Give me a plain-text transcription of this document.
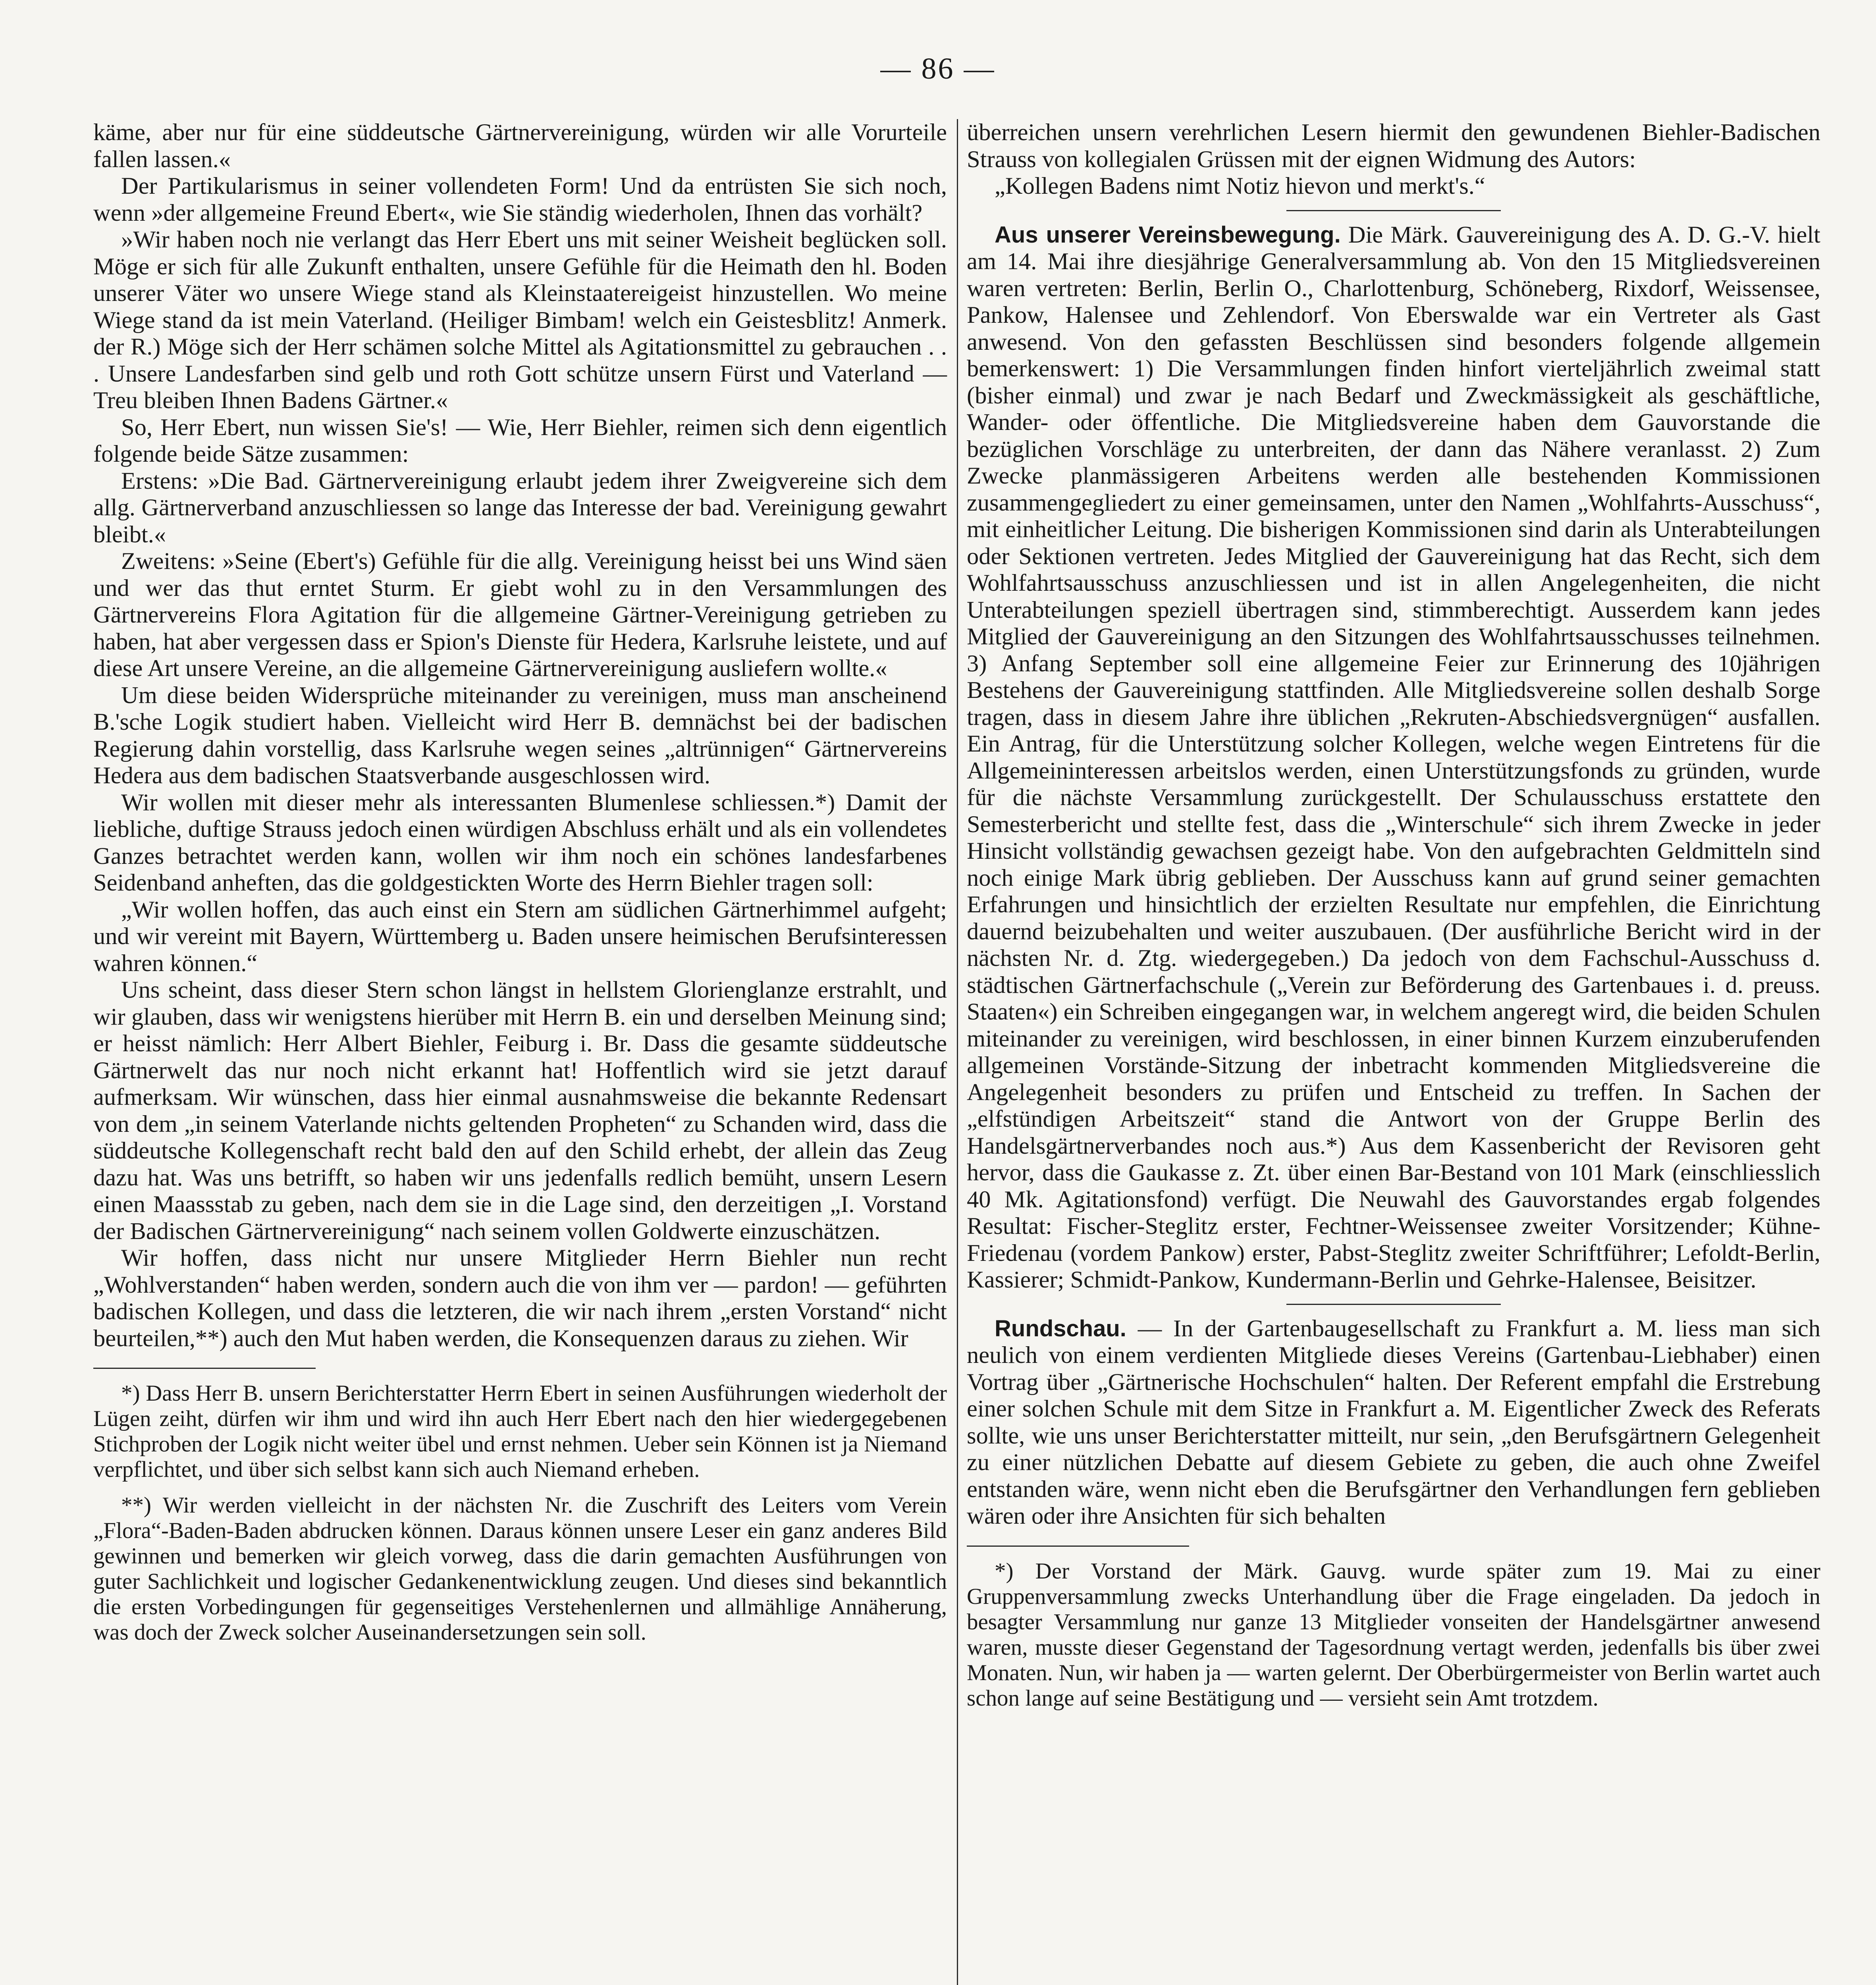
— 86 —

käme, aber nur für eine süddeutsche Gärtnervereinigung, würden wir alle Vorurteile fallen lassen.«

Der Partikularismus in seiner vollendeten Form! Und da entrüsten Sie sich noch, wenn »der allgemeine Freund Ebert«, wie Sie ständig wiederholen, Ihnen das vorhält?

»Wir haben noch nie verlangt das Herr Ebert uns mit seiner Weisheit beglücken soll. Möge er sich für alle Zukunft enthalten, unsere Gefühle für die Heimath den hl. Boden unserer Väter wo unsere Wiege stand als Kleinstaatereigeist hinzustellen. Wo meine Wiege stand da ist mein Vaterland. (Heiliger Bimbam! welch ein Geistesblitz! Anmerk. der R.) Möge sich der Herr schämen solche Mittel als Agitationsmittel zu gebrauchen . . . Unsere Landesfarben sind gelb und roth Gott schütze unsern Fürst und Vaterland — Treu bleiben Ihnen Badens Gärtner.«

So, Herr Ebert, nun wissen Sie's! — Wie, Herr Biehler, reimen sich denn eigentlich folgende beide Sätze zusammen:

Erstens: »Die Bad. Gärtnervereinigung erlaubt jedem ihrer Zweigvereine sich dem allg. Gärtnerverband anzuschliessen so lange das Interesse der bad. Vereinigung gewahrt bleibt.«

Zweitens: »Seine (Ebert's) Gefühle für die allg. Vereinigung heisst bei uns Wind säen und wer das thut erntet Sturm. Er giebt wohl zu in den Versammlungen des Gärtnervereins Flora Agitation für die allgemeine Gärtner-Vereinigung getrieben zu haben, hat aber vergessen dass er Spion's Dienste für Hedera, Karlsruhe leistete, und auf diese Art unsere Vereine, an die allgemeine Gärtnervereinigung ausliefern wollte.«

Um diese beiden Widersprüche miteinander zu vereinigen, muss man anscheinend B.'sche Logik studiert haben. Vielleicht wird Herr B. demnächst bei der badischen Regierung dahin vorstellig, dass Karlsruhe wegen seines „altrünnigen“ Gärtnervereins Hedera aus dem badischen Staatsverbande ausgeschlossen wird.

Wir wollen mit dieser mehr als interessanten Blumenlese schliessen.*) Damit der liebliche, duftige Strauss jedoch einen würdigen Abschluss erhält und als ein vollendetes Ganzes betrachtet werden kann, wollen wir ihm noch ein schönes landesfarbenes Seidenband anheften, das die goldgestickten Worte des Herrn Biehler tragen soll:

„Wir wollen hoffen, das auch einst ein Stern am südlichen Gärtnerhimmel aufgeht; und wir vereint mit Bayern, Württemberg u. Baden unsere heimischen Berufsinteressen wahren können.“

Uns scheint, dass dieser Stern schon längst in hellstem Glorienglanze erstrahlt, und wir glauben, dass wir wenigstens hierüber mit Herrn B. ein und derselben Meinung sind; er heisst nämlich: Herr Albert Biehler, Feiburg i. Br. Dass die gesamte süddeutsche Gärtnerwelt das nur noch nicht erkannt hat! Hoffentlich wird sie jetzt darauf aufmerksam. Wir wünschen, dass hier einmal ausnahmsweise die bekannte Redensart von dem „in seinem Vaterlande nichts geltenden Propheten“ zu Schanden wird, dass die süddeutsche Kollegenschaft recht bald den auf den Schild erhebt, der allein das Zeug dazu hat. Was uns betrifft, so haben wir uns jedenfalls redlich bemüht, unsern Lesern einen Maassstab zu geben, nach dem sie in die Lage sind, den derzeitigen „I. Vorstand der Badischen Gärtnervereinigung“ nach seinem vollen Goldwerte einzuschätzen.

Wir hoffen, dass nicht nur unsere Mitglieder Herrn Biehler nun recht „Wohlverstanden“ haben werden, sondern auch die von ihm ver — pardon! — geführten badischen Kollegen, und dass die letzteren, die wir nach ihrem „ersten Vorstand“ nicht beurteilen,**) auch den Mut haben werden, die Konsequenzen daraus zu ziehen. Wir

*) Dass Herr B. unsern Berichterstatter Herrn Ebert in seinen Ausführungen wiederholt der Lügen zeiht, dürfen wir ihm und wird ihn auch Herr Ebert nach den hier wiedergegebenen Stichproben der Logik nicht weiter übel und ernst nehmen. Ueber sein Können ist ja Niemand verpflichtet, und über sich selbst kann sich auch Niemand erheben.

**) Wir werden vielleicht in der nächsten Nr. die Zuschrift des Leiters vom Verein „Flora“-Baden-Baden abdrucken können. Daraus können unsere Leser ein ganz anderes Bild gewinnen und bemerken wir gleich vorweg, dass die darin gemachten Ausführungen von guter Sachlichkeit und logischer Gedankenentwicklung zeugen. Und dieses sind bekanntlich die ersten Vorbedingungen für gegenseitiges Verstehenlernen und allmählige Annäherung, was doch der Zweck solcher Auseinandersetzungen sein soll.

überreichen unsern verehrlichen Lesern hiermit den gewundenen Biehler-Badischen Strauss von kollegialen Grüssen mit der eignen Widmung des Autors:

„Kollegen Badens nimt Notiz hievon und merkt's.“

Aus unserer Vereinsbewegung. Die Märk. Gauvereinigung des A. D. G.-V. hielt am 14. Mai ihre diesjährige Generalversammlung ab. Von den 15 Mitgliedsvereinen waren vertreten: Berlin, Berlin O., Charlottenburg, Schöneberg, Rixdorf, Weissensee, Pankow, Halensee und Zehlendorf. Von Eberswalde war ein Vertreter als Gast anwesend. Von den gefassten Beschlüssen sind besonders folgende allgemein bemerkenswert: 1) Die Versammlungen finden hinfort vierteljährlich zweimal statt (bisher einmal) und zwar je nach Bedarf und Zweckmässigkeit als geschäftliche, Wander- oder öffentliche. Die Mitgliedsvereine haben dem Gauvorstande die bezüglichen Vorschläge zu unterbreiten, der dann das Nähere veranlasst. 2) Zum Zwecke planmässigeren Arbeitens werden alle bestehenden Kommissionen zusammengegliedert zu einer gemeinsamen, unter den Namen „Wohlfahrts-Ausschuss“, mit einheitlicher Leitung. Die bisherigen Kommissionen sind darin als Unterabteilungen oder Sektionen vertreten. Jedes Mitglied der Gauvereinigung hat das Recht, sich dem Wohlfahrtsausschuss anzuschliessen und ist in allen Angelegenheiten, die nicht Unterabteilungen speziell übertragen sind, stimmberechtigt. Ausserdem kann jedes Mitglied der Gauvereinigung an den Sitzungen des Wohlfahrtsausschusses teilnehmen. 3) Anfang September soll eine allgemeine Feier zur Erinnerung des 10jährigen Bestehens der Gauvereinigung stattfinden. Alle Mitgliedsvereine sollen deshalb Sorge tragen, dass in diesem Jahre ihre üblichen „Rekruten-Abschiedsvergnügen“ ausfallen. Ein Antrag, für die Unterstützung solcher Kollegen, welche wegen Eintretens für die Allgemeininteressen arbeitslos werden, einen Unterstützungsfonds zu gründen, wurde für die nächste Versammlung zurückgestellt. Der Schulausschuss erstattete den Semesterbericht und stellte fest, dass die „Winterschule“ sich ihrem Zwecke in jeder Hinsicht vollständig gewachsen gezeigt habe. Von den aufgebrachten Geldmitteln sind noch einige Mark übrig geblieben. Der Ausschuss kann auf grund seiner gemachten Erfahrungen und hinsichtlich der erzielten Resultate nur empfehlen, die Einrichtung dauernd beizubehalten und weiter auszubauen. (Der ausführliche Bericht wird in der nächsten Nr. d. Ztg. wiedergegeben.) Da jedoch von dem Fachschul-Ausschuss d. städtischen Gärtnerfachschule („Verein zur Beförderung des Gartenbaues i. d. preuss. Staaten«) ein Schreiben eingegangen war, in welchem angeregt wird, die beiden Schulen miteinander zu vereinigen, wird beschlossen, in einer binnen Kurzem einzuberufenden allgemeinen Vorstände-Sitzung der inbetracht kommenden Mitgliedsvereine die Angelegenheit besonders zu prüfen und Entscheid zu treffen. In Sachen der „elfstündigen Arbeitszeit“ stand die Antwort von der Gruppe Berlin des Handelsgärtnerverbandes noch aus.*) Aus dem Kassenbericht der Revisoren geht hervor, dass die Gaukasse z. Zt. über einen Bar-Bestand von 101 Mark (einschliesslich 40 Mk. Agitationsfond) verfügt. Die Neuwahl des Gauvorstandes ergab folgendes Resultat: Fischer-Steglitz erster, Fechtner-Weissensee zweiter Vorsitzender; Kühne-Friedenau (vordem Pankow) erster, Pabst-Steglitz zweiter Schriftführer; Lefoldt-Berlin, Kassierer; Schmidt-Pankow, Kundermann-Berlin und Gehrke-Halensee, Beisitzer.

Rundschau. — In der Gartenbaugesellschaft zu Frankfurt a. M. liess man sich neulich von einem verdienten Mitgliede dieses Vereins (Gartenbau-Liebhaber) einen Vortrag über „Gärtnerische Hochschulen“ halten. Der Referent empfahl die Erstrebung einer solchen Schule mit dem Sitze in Frankfurt a. M. Eigentlicher Zweck des Referats sollte, wie uns unser Berichterstatter mitteilt, nur sein, „den Berufsgärtnern Gelegenheit zu einer nützlichen Debatte auf diesem Gebiete zu geben, die auch ohne Zweifel entstanden wäre, wenn nicht eben die Berufsgärtner den Verhandlungen fern geblieben wären oder ihre Ansichten für sich behalten

*) Der Vorstand der Märk. Gauvg. wurde später zum 19. Mai zu einer Gruppenversammlung zwecks Unterhandlung über die Frage eingeladen. Da jedoch in besagter Versammlung nur ganze 13 Mitglieder vonseiten der Handelsgärtner anwesend waren, musste dieser Gegenstand der Tagesordnung vertagt werden, jedenfalls bis über zwei Monaten. Nun, wir haben ja — warten gelernt. Der Oberbürgermeister von Berlin wartet auch schon lange auf seine Bestätigung und — versieht sein Amt trotzdem.
